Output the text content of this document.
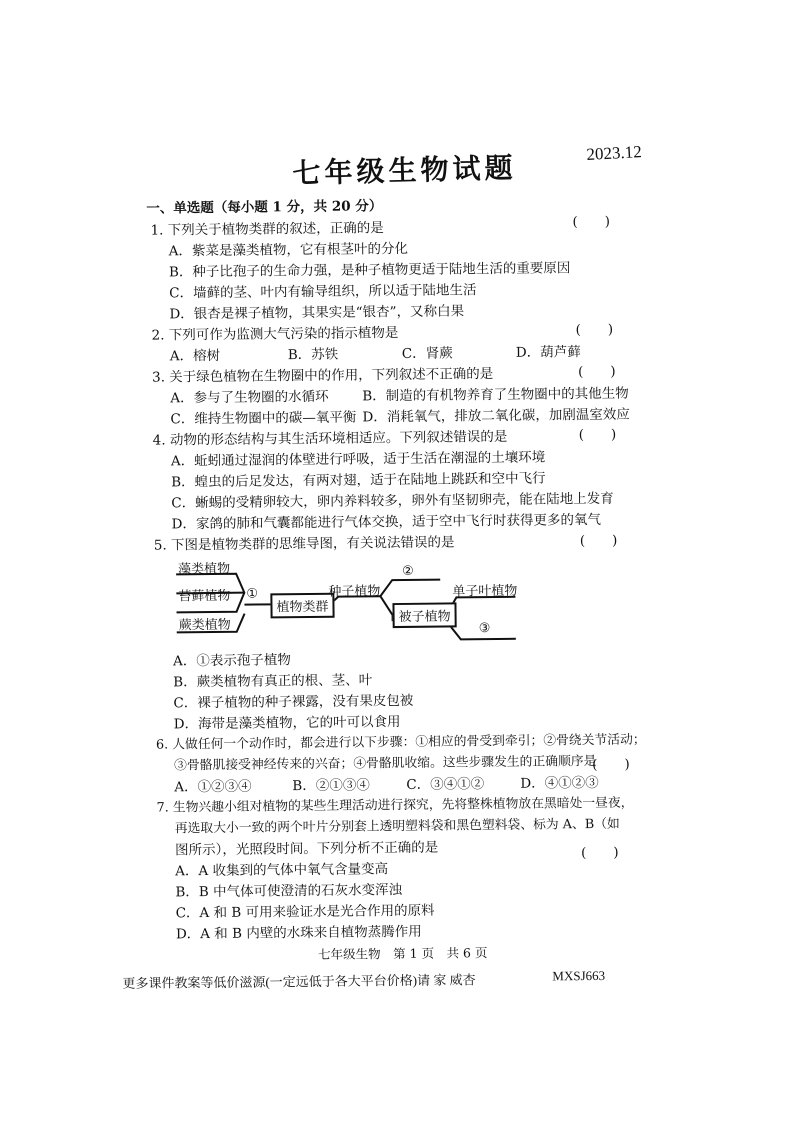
2023.12
七年级生物试题
一、单选题（每小题 1 分，共 20 分）
1. 下列关于植物类群的叙述，正确的是	(　　)
A．紫菜是藻类植物，它有根茎叶的分化
B．种子比孢子的生命力强，是种子植物更适于陆地生活的重要原因
C．墙藓的茎、叶内有输导组织，所以适于陆地生活
D．银杏是裸子植物，其果实是“银杏”，又称白果
2. 下列可作为监测大气污染的指示植物是	(　　)
A．榕树	B．苏铁	C．肾蕨	D．葫芦藓
3. 关于绿色植物在生物圈中的作用，下列叙述不正确的是	(　　)
A．参与了生物圈的水循环 B．制造的有机物养育了生物圈中的其他生物
C．维持生物圈中的碳—氧平衡 D．消耗氧气，排放二氧化碳，加剧温室效应
4. 动物的形态结构与其生活环境相适应。下列叙述错误的是	(　　)
A．蚯蚓通过湿润的体壁进行呼吸，适于生活在潮湿的土壤环境
B．蝗虫的后足发达，有两对翅，适于在陆地上跳跃和空中飞行
C．蜥蜴的受精卵较大，卵内养料较多，卵外有坚韧卵壳，能在陆地上发育
D．家鸽的肺和气囊都能进行气体交换，适于空中飞行时获得更多的氧气
5. 下图是植物类群的思维导图，有关说法错误的是	(　　)
藻类植物
苔藓植物
蕨类植物
①
植物类群
种子植物
②
被子植物
单子叶植物
③
A．①表示孢子植物
B．蕨类植物有真正的根、茎、叶
C．裸子植物的种子裸露，没有果皮包被
D．海带是藻类植物，它的叶可以食用
6. 人做任何一个动作时，都会进行以下步骤：①相应的骨受到牵引；②骨绕关节活动；
③骨骼肌接受神经传来的兴奋；④骨骼肌收缩。这些步骤发生的正确顺序是
(　　)
A．①②③④	B．②①③④	C．③④①②	D．④①②③
7. 生物兴趣小组对植物的某些生理活动进行探究，先将整株植物放在黑暗处一昼夜，
再选取大小一致的两个叶片分别套上透明塑料袋和黑色塑料袋、标为 A、B（如
图所示），光照段时间。下列分析不正确的是	(　　)
A．A 收集到的气体中氧气含量变高
B．B 中气体可使澄清的石灰水变浑浊
C．A 和 B 可用来验证水是光合作用的原料
D．A 和 B 内壁的水珠来自植物蒸腾作用
七年级生物　第 1 页　共 6 页
更多课件教案等低价滋源(一定远低于各大平台价格)请 家 威杏	MXSJ663
